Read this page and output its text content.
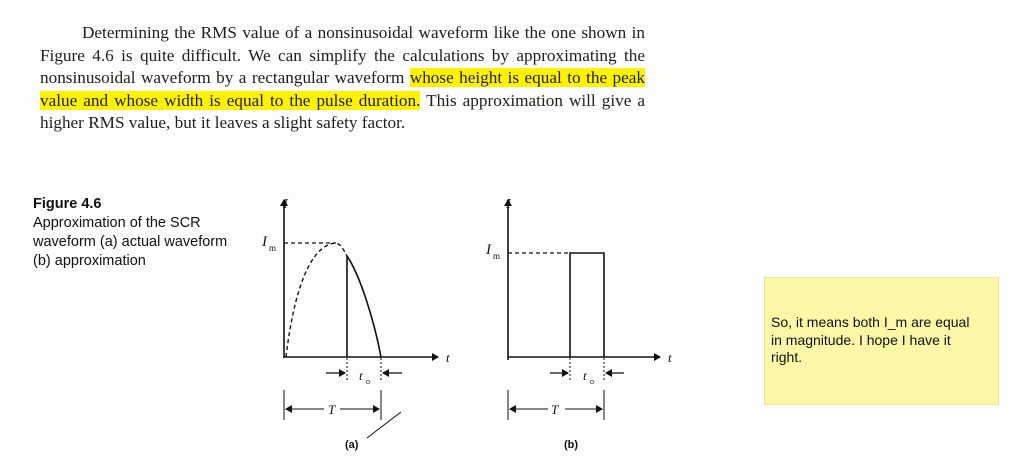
Determining the RMS value of a nonsinusoidal waveform like the one shown in Figure 4.6 is quite difficult. We can simplify the calculations by approximating the nonsinusoidal waveform by a rectangular waveform whose height is equal to the peak value and whose width is equal to the pulse duration. This approximation will give a higher RMS value, but it leaves a slight safety factor.
Figure 4.6
Approximation of the SCR waveform (a) actual waveform (b) approximation
I
t
I m
t o
T
(a)
I
t
I m
t o
T
(b)
So, it means both I_m are equal in magnitude. I hope I have it right.
